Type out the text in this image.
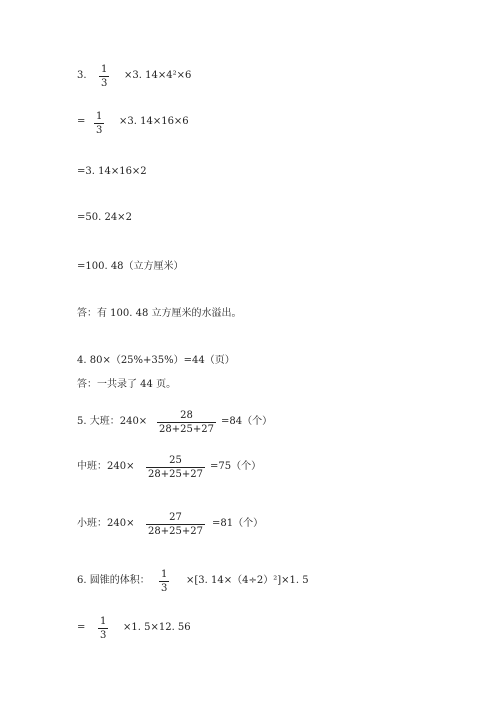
3.
1
3
×3. 14×4²×6
= 1
3
×3. 14×16×6
=3. 14×16×2
=50. 24×2
=100. 48（立方厘米）
答：有 100. 48 立方厘米的水溢出。
4. 80×（25%+35%）=44（页）
答：一共录了 44 页。
5. 大班：240×
28
28+25+27
=84（个）
中班：240×
25
28+25+27
=75（个）
小班：240×
27
28+25+27
=81（个）
6. 圆锥的体积：
1
3
×[3. 14×（4÷2）²]×1. 5
=
1
3
×1. 5×12. 56
